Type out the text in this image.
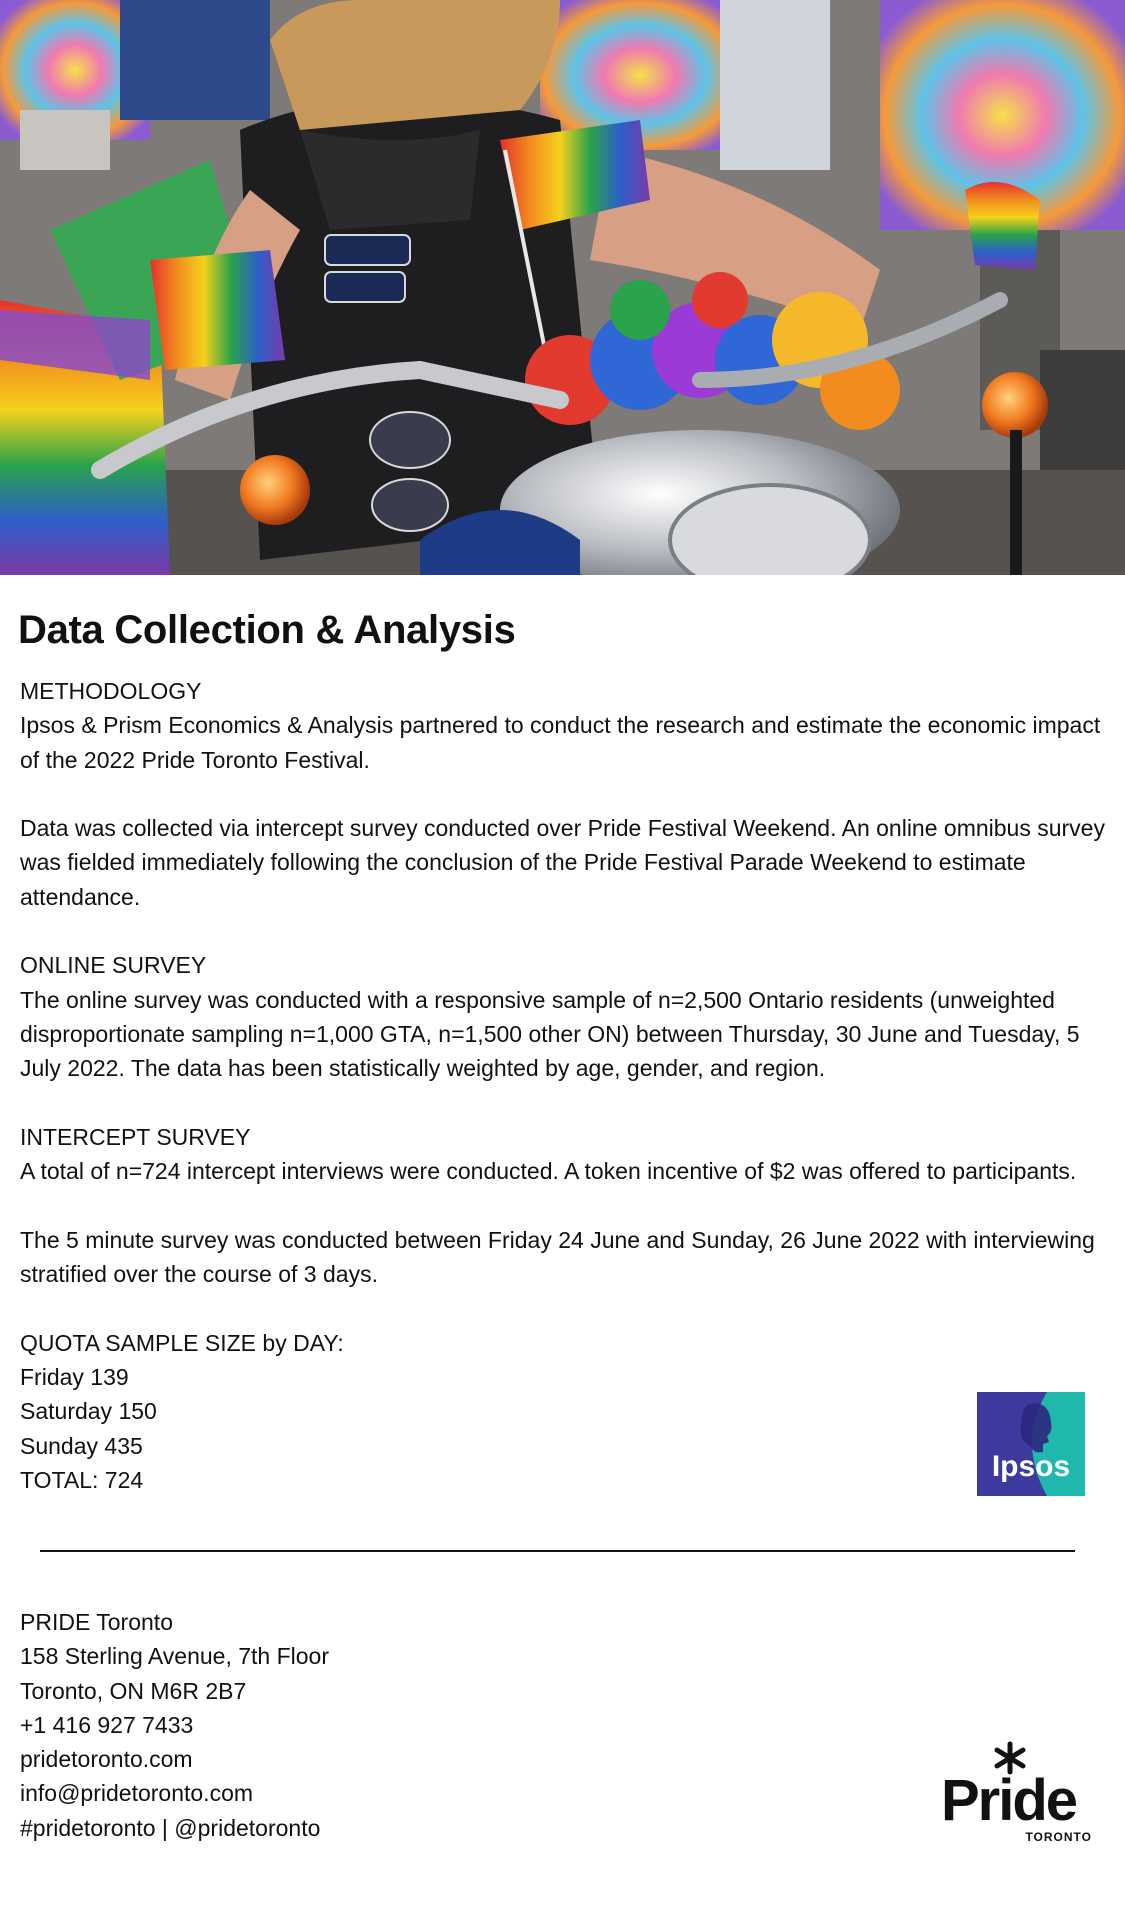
Data Collection & Analysis

METHODOLOGY

Ipsos & Prism Economics & Analysis partnered to conduct the research and estimate the economic impact of the 2022 Pride Toronto Festival.

Data was collected via intercept survey conducted over Pride Festival Weekend. An online omnibus survey was fielded immediately following the conclusion of the Pride Festival Parade Weekend to estimate attendance.

ONLINE SURVEY

The online survey was conducted with a responsive sample of n=2,500 Ontario residents (unweighted disproportionate sampling n=1,000 GTA, n=1,500 other ON) between Thursday, 30 June and Tuesday, 5 July 2022. The data has been statistically weighted by age, gender, and region.

INTERCEPT SURVEY

A total of n=724 intercept interviews were conducted. A token incentive of $2 was offered to participants.

The 5 minute survey was conducted between Friday 24 June and Sunday, 26 June 2022 with interviewing stratified over the course of 3 days.

QUOTA SAMPLE SIZE by DAY:

Friday 139

Saturday 150

Sunday 435

TOTAL: 724	Ipsos

PRIDE Toronto

158 Sterling Avenue, 7th Floor

Toronto, ON M6R 2B7

+1 416 927 7433

pridetoronto.com

info@pridetoronto.com

#pridetoronto | @pridetoronto	Pride
TORONTO
